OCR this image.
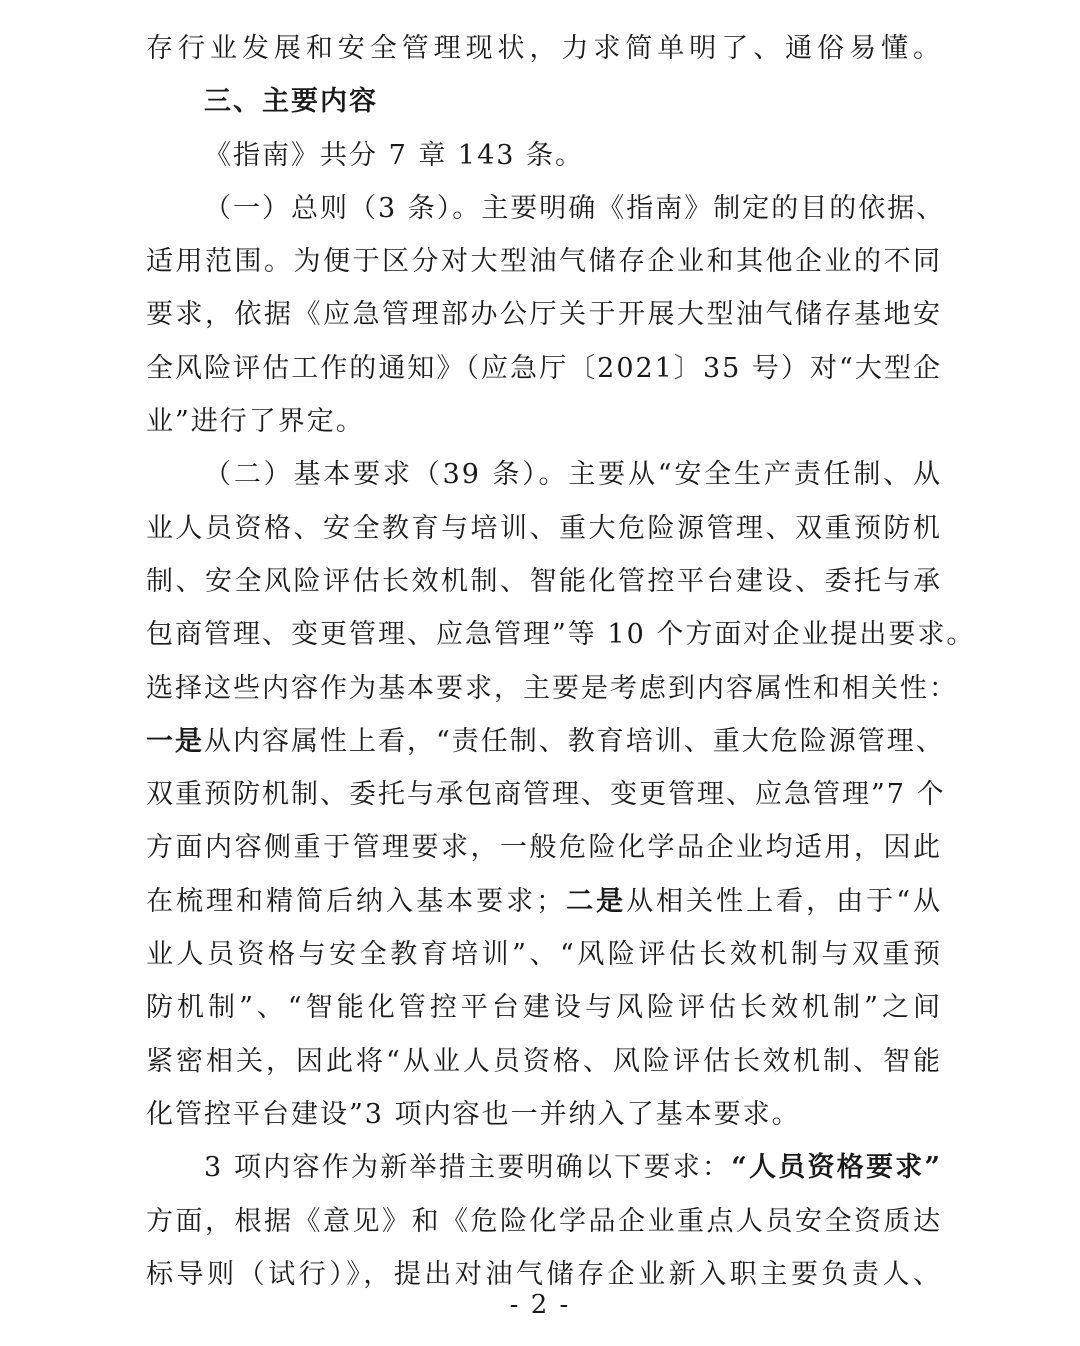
存行业发展和安全管理现状，力求简单明了、通俗易懂。
三、主要内容
《指南》共分 7 章 143 条。
（一）总则（3 条）。主要明确《指南》制定的目的依据、
适用范围。为便于区分对大型油气储存企业和其他企业的不同
要求，依据《应急管理部办公厅关于开展大型油气储存基地安
全风险评估工作的通知》（应急厅〔2021〕35 号）对“大型企
业”进行了界定。
（二）基本要求（39 条）。主要从“安全生产责任制、从
业人员资格、安全教育与培训、重大危险源管理、双重预防机
制、安全风险评估长效机制、智能化管控平台建设、委托与承
包商管理、变更管理、应急管理”等 10 个方面对企业提出要求。
选择这些内容作为基本要求，主要是考虑到内容属性和相关性：
一是从内容属性上看，“责任制、教育培训、重大危险源管理、
双重预防机制、委托与承包商管理、变更管理、应急管理”7 个
方面内容侧重于管理要求，一般危险化学品企业均适用，因此
在梳理和精简后纳入基本要求；二是从相关性上看，由于“从
业人员资格与安全教育培训”、“风险评估长效机制与双重预
防机制”、“智能化管控平台建设与风险评估长效机制”之间
紧密相关，因此将“从业人员资格、风险评估长效机制、智能
化管控平台建设”3 项内容也一并纳入了基本要求。
3 项内容作为新举措主要明确以下要求：“人员资格要求”
方面，根据《意见》和《危险化学品企业重点人员安全资质达
标导则（试行）》，提出对油气储存企业新入职主要负责人、
- 2 -
